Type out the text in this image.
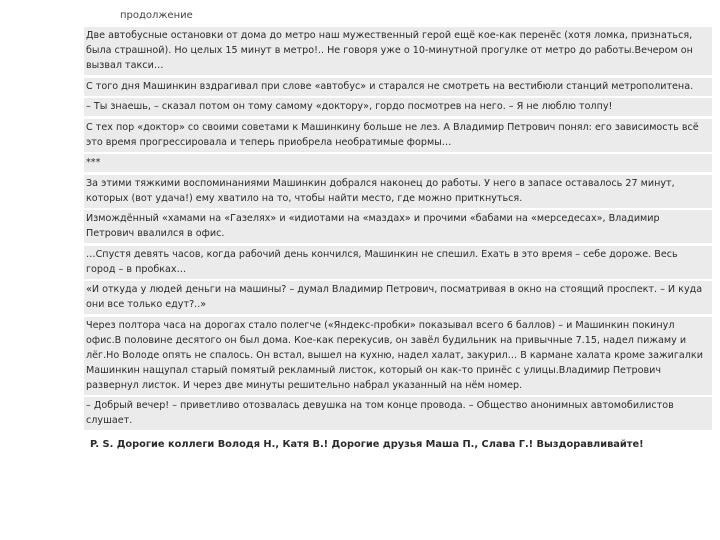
продолжение
Две автобусные остановки от дома до метро наш мужественный герой ещё кое-как перенёс (хотя ломка, признаться, была страшной). Но целых 15 минут в метро!.. Не говоря уже о 10-минутной прогулке от метро до работы.Вечером он вызвал такси…
С того дня Машинкин вздрагивал при слове «автобус» и старался не смотреть на вестибюли станций метрополитена.
– Ты знаешь, – сказал потом он тому самому «доктору», гордо посмотрев на него. – Я не люблю толпу!
С тех пор «доктор» со своими советами к Машинкину больше не лез. А Владимир Петрович понял: его зависимость всё это время прогрессировала и теперь приобрела необратимые формы…
***
За этими тяжкими воспоминаниями Машинкин добрался наконец до работы. У него в запасе оставалось 27 минут, которых (вот удача!) ему хватило на то, чтобы найти место, где можно приткнуться.
Измождённый «хамами на «Газелях» и «идиотами на «маздах» и прочими «бабами на «мерседесах», Владимир Петрович ввалился в офис.
…Спустя девять часов, когда рабочий день кончился, Машинкин не спешил. Ехать в это время – себе дороже. Весь город – в пробках…
«И откуда у людей деньги на машины? – думал Владимир Петрович, посматривая в окно на стоящий проспект. – И куда они все только едут?..»
Через полтора часа на дорогах стало полегче («Яндекс-пробки» показывал всего 6 баллов) – и Машинкин покинул офис.В половине десятого он был дома. Кое-как перекусив, он завёл будильник на привычные 7.15, надел пижаму и лёг.Но Володе опять не спалось. Он встал, вышел на кухню, надел халат, закурил… В кармане халата кроме зажигалки Машинкин нащупал старый помятый рекламный листок, который он как-то принёс с улицы.Владимир Петрович развернул листок. И через две минуты решительно набрал указанный на нём номер.
– Добрый вечер! – приветливо отозвалась девушка на том конце провода. – Общество анонимных автомобилистов слушает.
P. S. Дорогие коллеги Володя Н., Катя В.! Дорогие друзья Маша П., Слава Г.! Выздоравливайте!
